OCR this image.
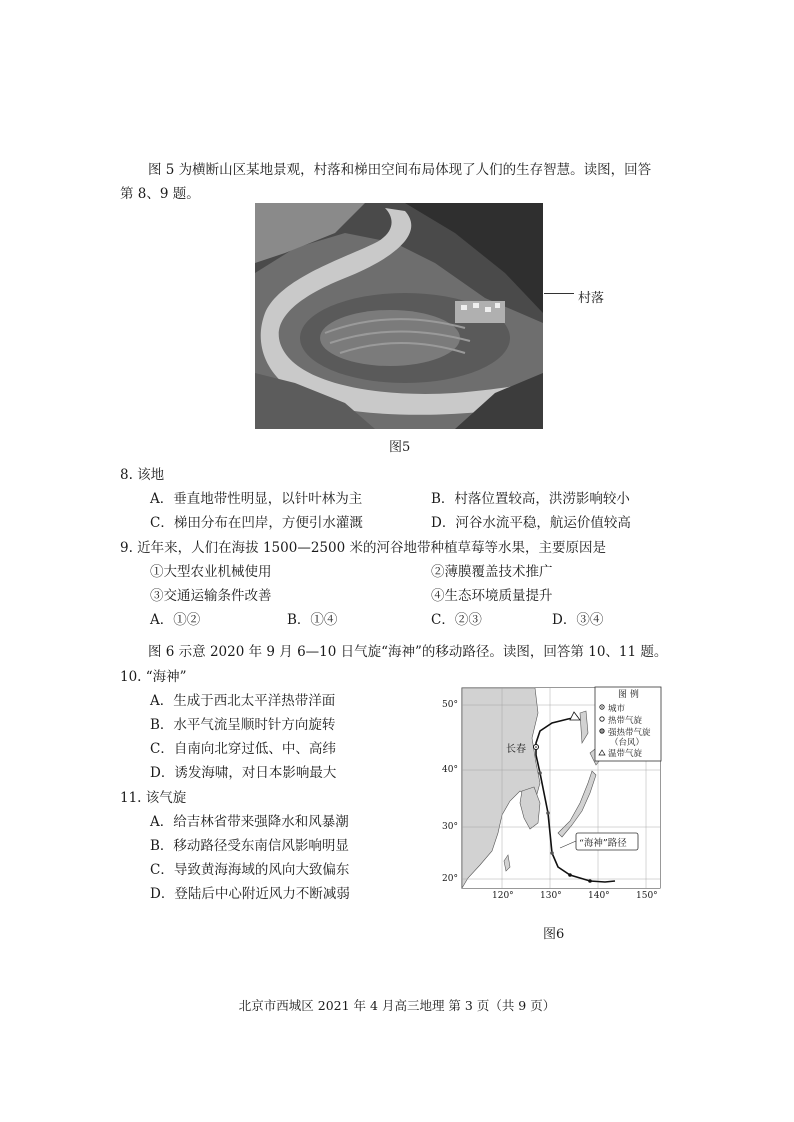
图 5 为横断山区某地景观，村落和梯田空间布局体现了人们的生存智慧。读图，回答
第 8、9 题。
村落
图5
8. 该地
A．垂直地带性明显，以针叶林为主	B．村落位置较高，洪涝影响较小
C．梯田分布在凹岸，方便引水灌溉	D．河谷水流平稳，航运价值较高
9. 近年来，人们在海拔 1500—2500 米的河谷地带种植草莓等水果，主要原因是
①大型农业机械使用	②薄膜覆盖技术推广
③交通运输条件改善	④生态环境质量提升
A．①②	B．①④	C．②③	D．③④
图 6 示意 2020 年 9 月 6—10 日气旋“海神”的移动路径。读图，回答第 10、11 题。
10. “海神”
A．生成于西北太平洋热带洋面
B．水平气流呈顺时针方向旋转
C．自南向北穿过低、中、高纬
D．诱发海啸，对日本影响最大
11. 该气旋
A．给吉林省带来强降水和风暴潮
B．移动路径受东南信风影响明显
C．导致黄海海域的风向大致偏东
D．登陆后中心附近风力不断减弱
图 例
城市
热带气旋
强热带气旋
（台风）
温带气旋
长春
“海神”路径
50°
40°
30°
20°
120°	130°	140°	150°
图6
北京市西城区 2021 年 4 月高三地理 第 3 页（共 9 页）
